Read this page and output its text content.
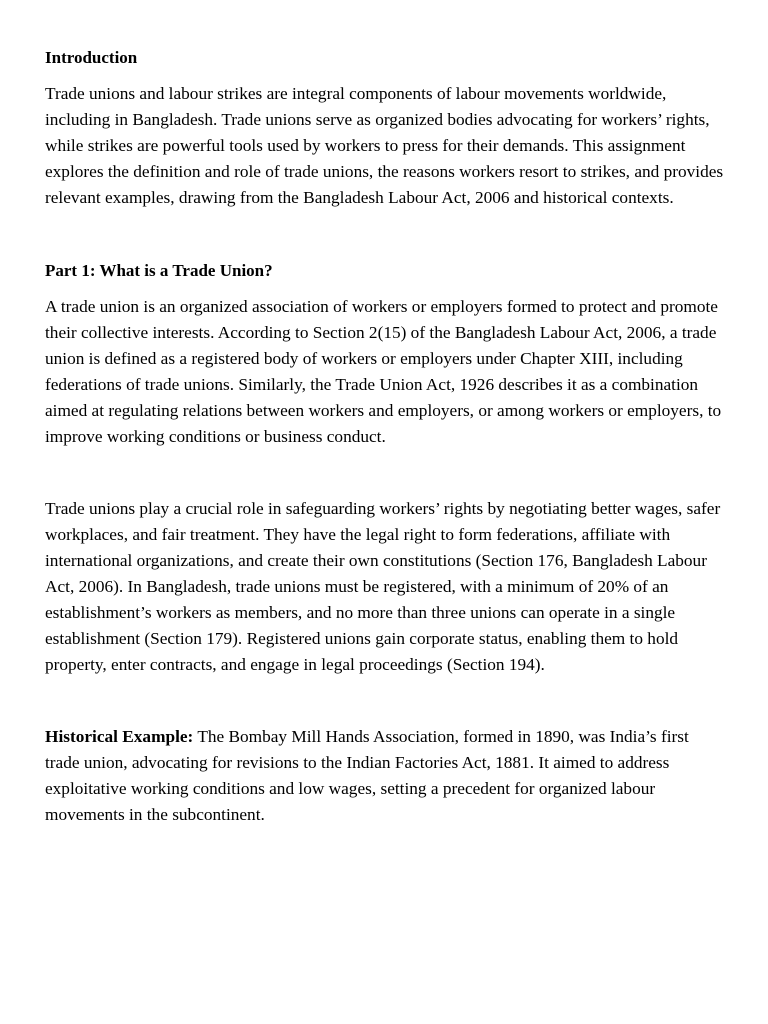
Introduction

Trade unions and labour strikes are integral components of labour movements worldwide, including in Bangladesh. Trade unions serve as organized bodies advocating for workers’ rights, while strikes are powerful tools used by workers to press for their demands. This assignment explores the definition and role of trade unions, the reasons workers resort to strikes, and provides relevant examples, drawing from the Bangladesh Labour Act, 2006 and historical contexts.

Part 1: What is a Trade Union?

A trade union is an organized association of workers or employers formed to protect and promote their collective interests. According to Section 2(15) of the Bangladesh Labour Act, 2006, a trade union is defined as a registered body of workers or employers under Chapter XIII, including federations of trade unions. Similarly, the Trade Union Act, 1926 describes it as a combination aimed at regulating relations between workers and employers, or among workers or employers, to improve working conditions or business conduct.

Trade unions play a crucial role in safeguarding workers’ rights by negotiating better wages, safer workplaces, and fair treatment. They have the legal right to form federations, affiliate with international organizations, and create their own constitutions (Section 176, Bangladesh Labour Act, 2006). In Bangladesh, trade unions must be registered, with a minimum of 20% of an establishment’s workers as members, and no more than three unions can operate in a single establishment (Section 179). Registered unions gain corporate status, enabling them to hold property, enter contracts, and engage in legal proceedings (Section 194).

Historical Example: The Bombay Mill Hands Association, formed in 1890, was India’s first trade union, advocating for revisions to the Indian Factories Act, 1881. It aimed to address exploitative working conditions and low wages, setting a precedent for organized labour movements in the subcontinent.
